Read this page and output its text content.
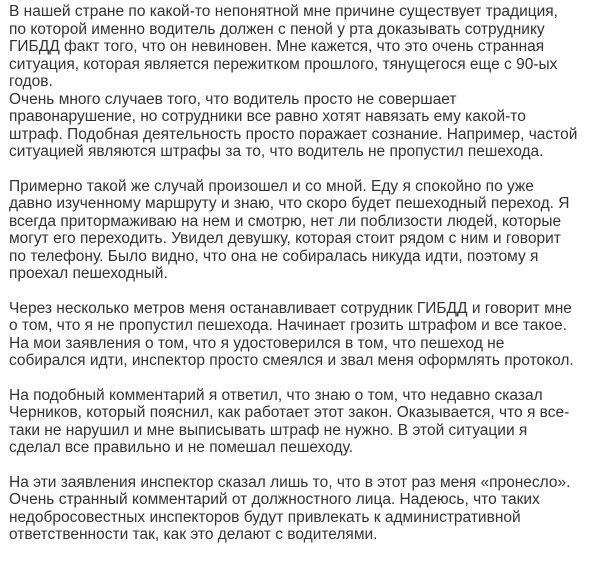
В нашей стране по какой-то непонятной мне причине существует традиция,
по которой именно водитель должен с пеной у рта доказывать сотруднику
ГИБДД факт того, что он невиновен. Мне кажется, что это очень странная
ситуация, которая является пережитком прошлого, тянущегося еще с 90-ых
годов.
Очень много случаев того, что водитель просто не совершает
правонарушение, но сотрудники все равно хотят навязать ему какой-то
штраф. Подобная деятельность просто поражает сознание. Например, частой
ситуацией являются штрафы за то, что водитель не пропустил пешехода.
Примерно такой же случай произошел и со мной. Еду я спокойно по уже
давно изученному маршруту и знаю, что скоро будет пешеходный переход. Я
всегда притормаживаю на нем и смотрю, нет ли поблизости людей, которые
могут его переходить. Увидел девушку, которая стоит рядом с ним и говорит
по телефону. Было видно, что она не собиралась никуда идти, поэтому я
проехал пешеходный.
Через несколько метров меня останавливает сотрудник ГИБДД и говорит мне
о том, что я не пропустил пешехода. Начинает грозить штрафом и все такое.
На мои заявления о том, что я удостоверился в том, что пешеход не
собирался идти, инспектор просто смеялся и звал меня оформлять протокол.
На подобный комментарий я ответил, что знаю о том, что недавно сказал
Черников, который пояснил, как работает этот закон. Оказывается, что я все-
таки не нарушил и мне выписывать штраф не нужно. В этой ситуации я
сделал все правильно и не помешал пешеходу.
На эти заявления инспектор сказал лишь то, что в этот раз меня «пронесло».
Очень странный комментарий от должностного лица. Надеюсь, что таких
недобросовестных инспекторов будут привлекать к административной
ответственности так, как это делают с водителями.
